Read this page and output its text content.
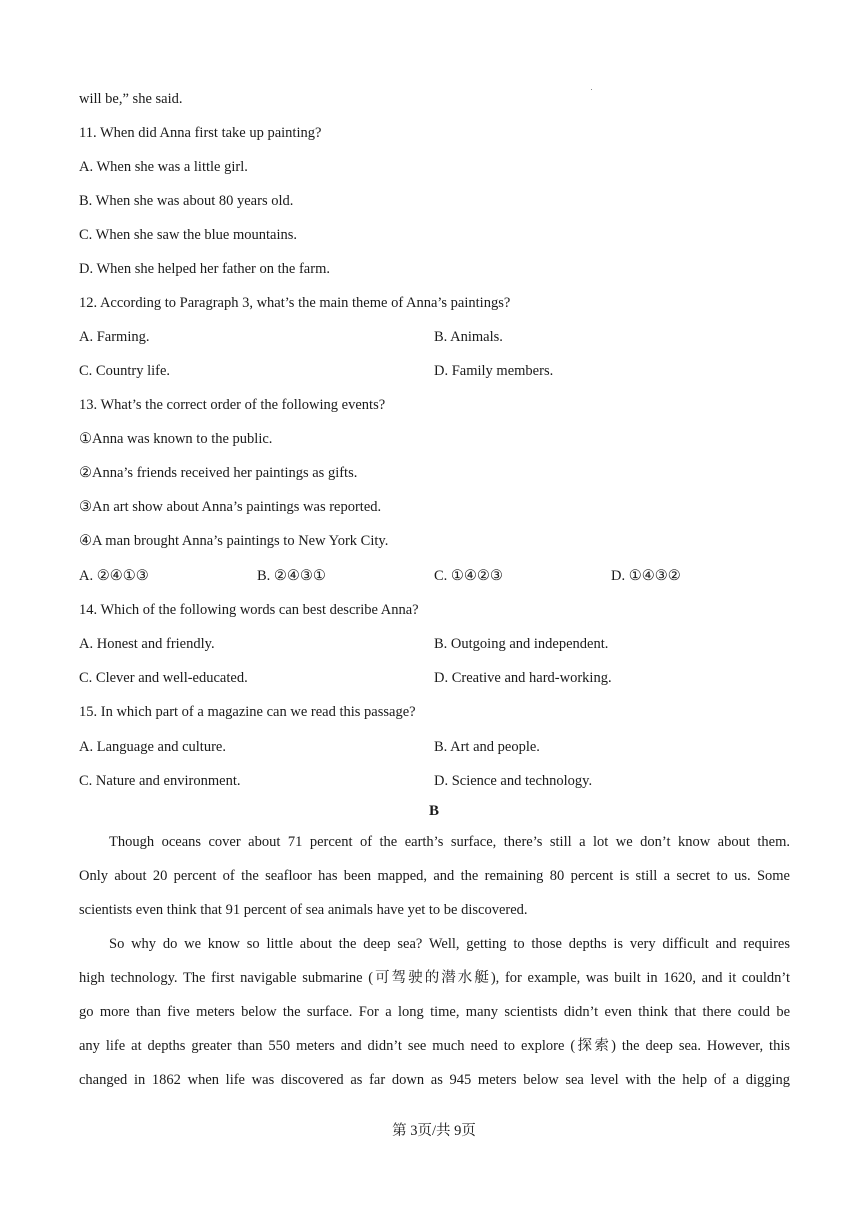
will be,” she said.
11. When did Anna first take up painting?
A. When she was a little girl.
B. When she was about 80 years old.
C. When she saw the blue mountains.
D. When she helped her father on the farm.
12. According to Paragraph 3, what’s the main theme of Anna’s paintings?
A. Farming.	B. Animals.
C. Country life.	D. Family members.
13. What’s the correct order of the following events?
①Anna was known to the public.
②Anna’s friends received her paintings as gifts.
③An art show about Anna’s paintings was reported.
④A man brought Anna’s paintings to New York City.
A. ②④①③	B. ②④③①	C. ①④②③	D. ①④③②
14. Which of the following words can best describe Anna?
A. Honest and friendly.	B. Outgoing and independent.
C. Clever and well-educated.	D. Creative and hard-working.
15. In which part of a magazine can we read this passage?
A. Language and culture.	B. Art and people.
C. Nature and environment.	D. Science and technology.
B
Though oceans cover about 71 percent of the earth’s surface, there’s still a lot we don’t know about them.
Only about 20 percent of the seafloor has been mapped, and the remaining 80 percent is still a secret to us. Some
scientists even think that 91 percent of sea animals have yet to be discovered.
So why do we know so little about the deep sea? Well, getting to those depths is very difficult and requires
high technology. The first navigable submarine (可驾驶的潜水艇), for example, was built in 1620, and it couldn’t
go more than five meters below the surface. For a long time, many scientists didn’t even think that there could be
any life at depths greater than 550 meters and didn’t see much need to explore (探索) the deep sea. However, this
changed in 1862 when life was discovered as far down as 945 meters below sea level with the help of a digging
第 3页/共 9页
